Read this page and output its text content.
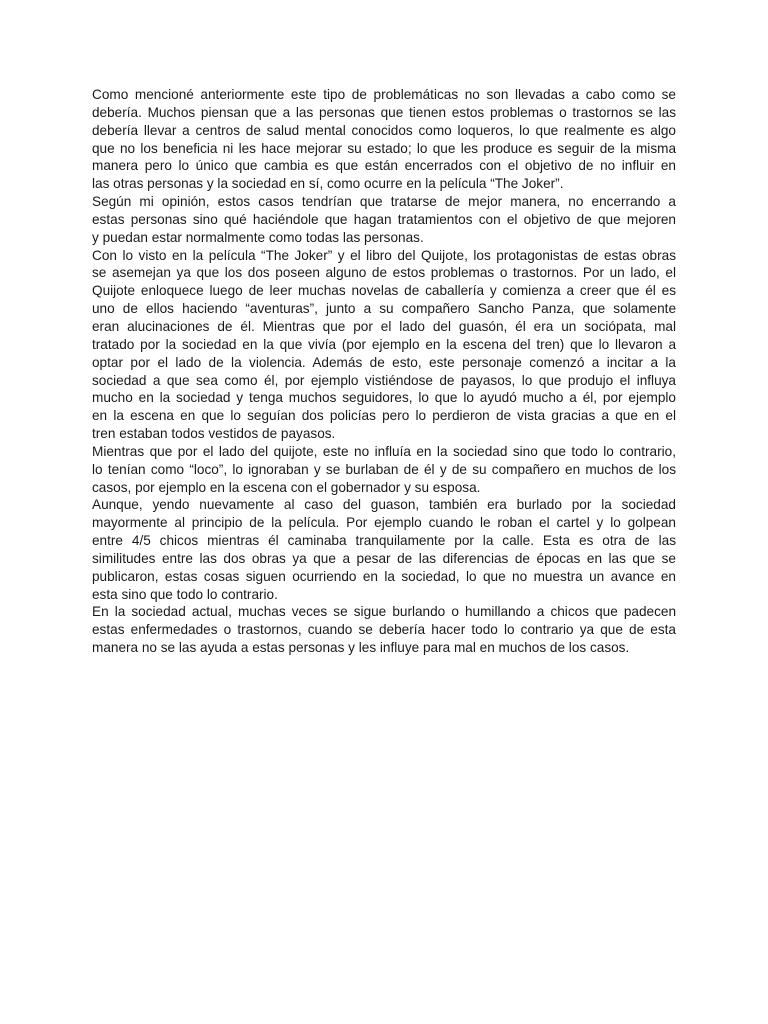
Como mencioné anteriormente este tipo de problemáticas no son llevadas a cabo como se
debería. Muchos piensan que a las personas que tienen estos problemas o trastornos se las
debería llevar a centros de salud mental conocidos como loqueros, lo que realmente es algo
que no los beneficia ni les hace mejorar su estado; lo que les produce es seguir de la misma
manera pero lo único que cambia es que están encerrados con el objetivo de no influir en
las otras personas y la sociedad en sí, como ocurre en la película “The Joker”.
Según mi opinión, estos casos tendrían que tratarse de mejor manera, no encerrando a
estas personas sino qué haciéndole que hagan tratamientos con el objetivo de que mejoren
y puedan estar normalmente como todas las personas.
Con lo visto en la película “The Joker” y el libro del Quijote, los protagonistas de estas obras
se asemejan ya que los dos poseen alguno de estos problemas o trastornos. Por un lado, el
Quijote enloquece luego de leer muchas novelas de caballería y comienza a creer que él es
uno de ellos haciendo “aventuras”, junto a su compañero Sancho Panza, que solamente
eran alucinaciones de él. Mientras que por el lado del guasón, él era un sociópata, mal
tratado por la sociedad en la que vivía (por ejemplo en la escena del tren) que lo llevaron a
optar por el lado de la violencia. Además de esto, este personaje comenzó a incitar a la
sociedad a que sea como él, por ejemplo vistiéndose de payasos, lo que produjo el influya
mucho en la sociedad y tenga muchos seguidores, lo que lo ayudó mucho a él, por ejemplo
en la escena en que lo seguían dos policías pero lo perdieron de vista gracias a que en el
tren estaban todos vestidos de payasos.
Mientras que por el lado del quijote, este no influía en la sociedad sino que todo lo contrario,
lo tenían como “loco”, lo ignoraban y se burlaban de él y de su compañero en muchos de los
casos, por ejemplo en la escena con el gobernador y su esposa.
Aunque, yendo nuevamente al caso del guason, también era burlado por la sociedad
mayormente al principio de la película. Por ejemplo cuando le roban el cartel y lo golpean
entre 4/5 chicos mientras él caminaba tranquilamente por la calle. Esta es otra de las
similitudes entre las dos obras ya que a pesar de las diferencias de épocas en las que se
publicaron, estas cosas siguen ocurriendo en la sociedad, lo que no muestra un avance en
esta sino que todo lo contrario.
En la sociedad actual, muchas veces se sigue burlando o humillando a chicos que padecen
estas enfermedades o trastornos, cuando se debería hacer todo lo contrario ya que de esta
manera no se las ayuda a estas personas y les influye para mal en muchos de los casos.
